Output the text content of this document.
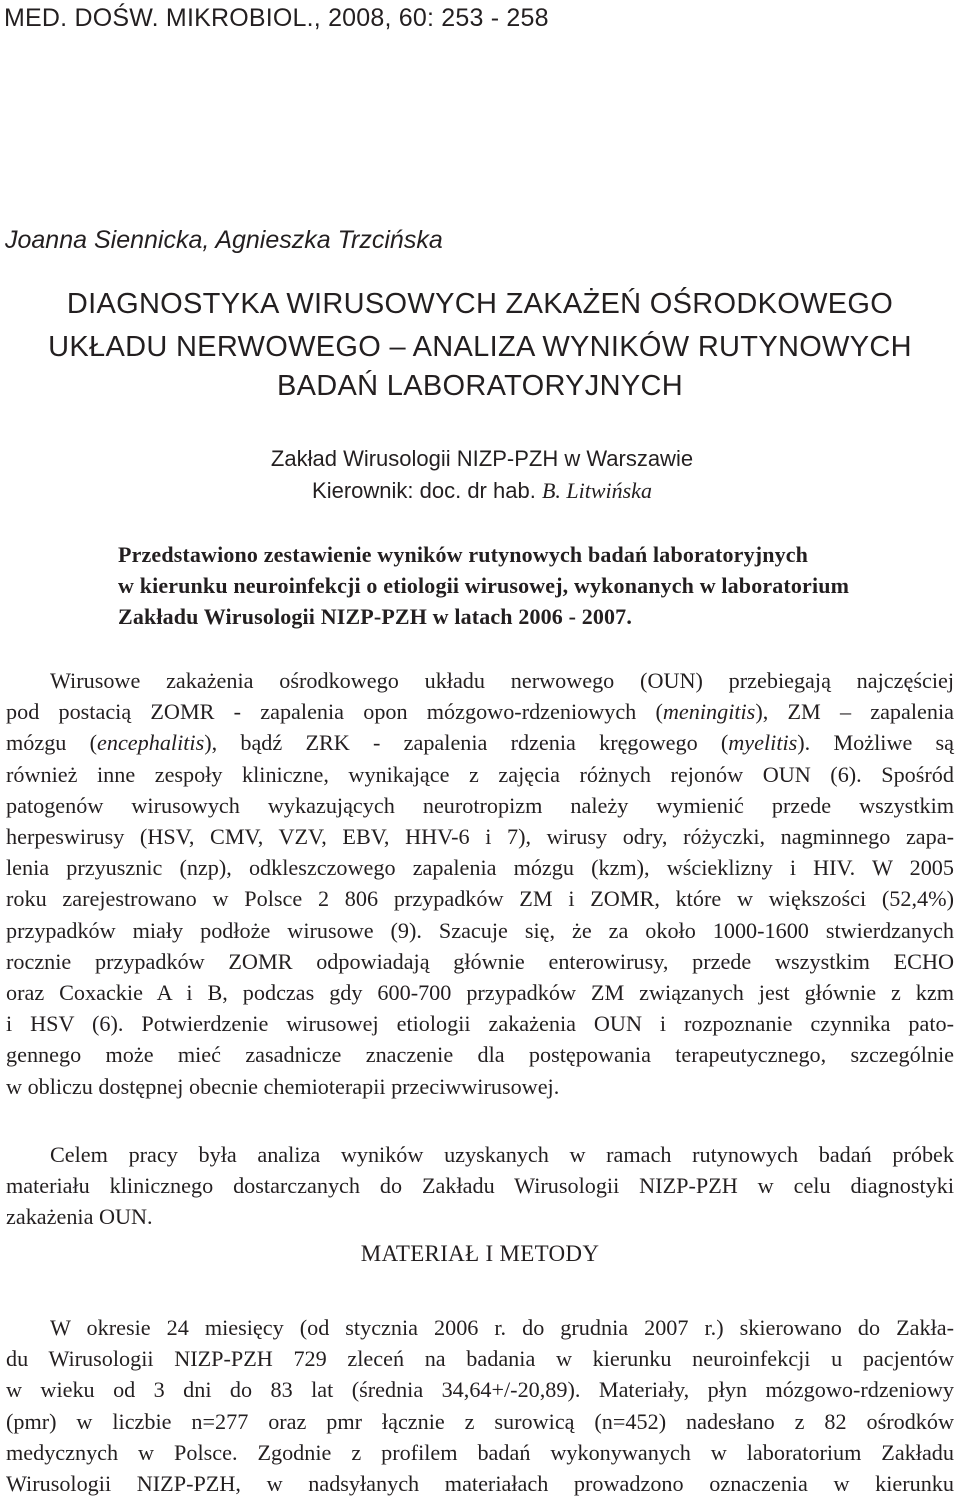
MED. DOŚW. MIKROBIOL., 2008, 60: 253 - 258
Joanna Siennicka, Agnieszka Trzcińska
DIAGNOSTYKA WIRUSOWYCH ZAKAŻEŃ OŚRODKOWEGO
UKŁADU NERWOWEGO – ANALIZA WYNIKÓW RUTYNOWYCH
BADAŃ LABORATORYJNYCH
Zakład Wirusologii NIZP-PZH w Warszawie
Kierownik: doc. dr hab. B. Litwińska
Przedstawiono zestawienie wyników rutynowych badań laboratoryjnych
w kierunku neuroinfekcji o etiologii wirusowej, wykonanych w laboratorium
Zakładu Wirusologii NIZP-PZH w latach 2006 - 2007.
Wirusowe zakażenia ośrodkowego układu nerwowego (OUN) przebiegają najczęściej
pod postacią ZOMR - zapalenia opon mózgowo-rdzeniowych (meningitis), ZM – zapalenia
mózgu (encephalitis), bądź ZRK - zapalenia rdzenia kręgowego (myelitis). Możliwe są
również inne zespoły kliniczne, wynikające z zajęcia różnych rejonów OUN (6). Spośród
patogenów wirusowych wykazujących neurotropizm należy wymienić przede wszystkim
herpeswirusy (HSV, CMV, VZV, EBV, HHV-6 i 7), wirusy odry, różyczki, nagminnego zapa-
lenia przyusznic (nzp), odkleszczowego zapalenia mózgu (kzm), wścieklizny i HIV. W 2005
roku zarejestrowano w Polsce 2 806 przypadków ZM i ZOMR, które w większości (52,4%)
przypadków miały podłoże wirusowe (9). Szacuje się, że za około 1000-1600 stwierdzanych
rocznie przypadków ZOMR odpowiadają głównie enterowirusy, przede wszystkim ECHO
oraz Coxackie A i B, podczas gdy 600-700 przypadków ZM związanych jest głównie z kzm
i HSV (6). Potwierdzenie wirusowej etiologii zakażenia OUN i rozpoznanie czynnika pato-
gennego może mieć zasadnicze znaczenie dla postępowania terapeutycznego, szczególnie
w obliczu dostępnej obecnie chemioterapii przeciwwirusowej.
Celem pracy była analiza wyników uzyskanych w ramach rutynowych badań próbek
materiału klinicznego dostarczanych do Zakładu Wirusologii NIZP-PZH w celu diagnostyki
zakażenia OUN.
MATERIAŁ I METODY
W okresie 24 miesięcy (od stycznia 2006 r. do grudnia 2007 r.) skierowano do Zakła-
du Wirusologii NIZP-PZH 729 zleceń na badania w kierunku neuroinfekcji u pacjentów
w wieku od 3 dni do 83 lat (średnia 34,64+/-20,89). Materiały, płyn mózgowo-rdzeniowy
(pmr) w liczbie n=277 oraz pmr łącznie z surowicą (n=452) nadesłano z 82 ośrodków
medycznych w Polsce. Zgodnie z profilem badań wykonywanych w laboratorium Zakładu
Wirusologii NIZP-PZH, w nadsyłanych materiałach prowadzono oznaczenia w kierunku
